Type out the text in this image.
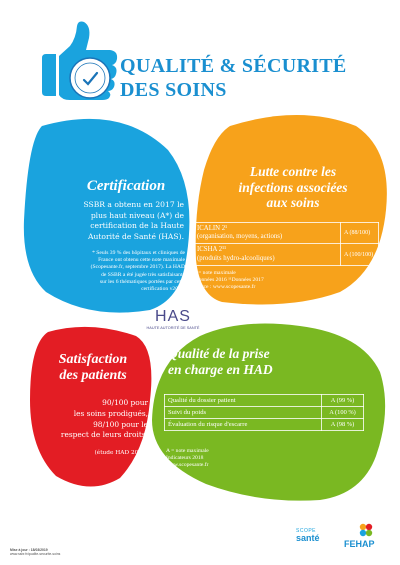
QUALITÉ & SÉCURITÉ
DES SOINS
Certification
SSBR a obtenu en 2017 le
plus haut niveau (A*) de
certification de la Haute
Autorité de Santé (HAS).
* Seuls 39 % des hôpitaux et cliniques de
France ont obtenu cette note maximale
(Scopesante.fr, septembre 2017). La HAD
de SSBR a été jugée très satisfaisante
sur les 6 thématiques portées par cette
certification v2014.
HAS
HAUTE AUTORITÉ DE SANTÉ
Lutte contre les
infections associées
aux soins
ICALIN 2¹
(organisation, moyens, actions)	A (88/100)

ICSHA 2¹¹
(produits hydro-alcooliques)	A (100/100)
A = note maximale
¹Données 2016 ¹¹Données 2017
Source : www.scopesante.fr
Satisfaction
des patients
90/100 pour
les soins prodigués,
98/100 pour le
respect de leurs droits.
(étude HAD 2018)
Qualité de la prise
en charge en HAD
Qualité du dossier patient	A (99 %)
Suivi du poids	A (100 %)
Évaluation du risque d'escarre	A (98 %)
A = note maximale
Indicateurs 2018
www.scopesante.fr
Mise à jour : 18/03/2019
www.ssbr.fr/qualite-securite-soins
SCOPE
santé
FEHAP
